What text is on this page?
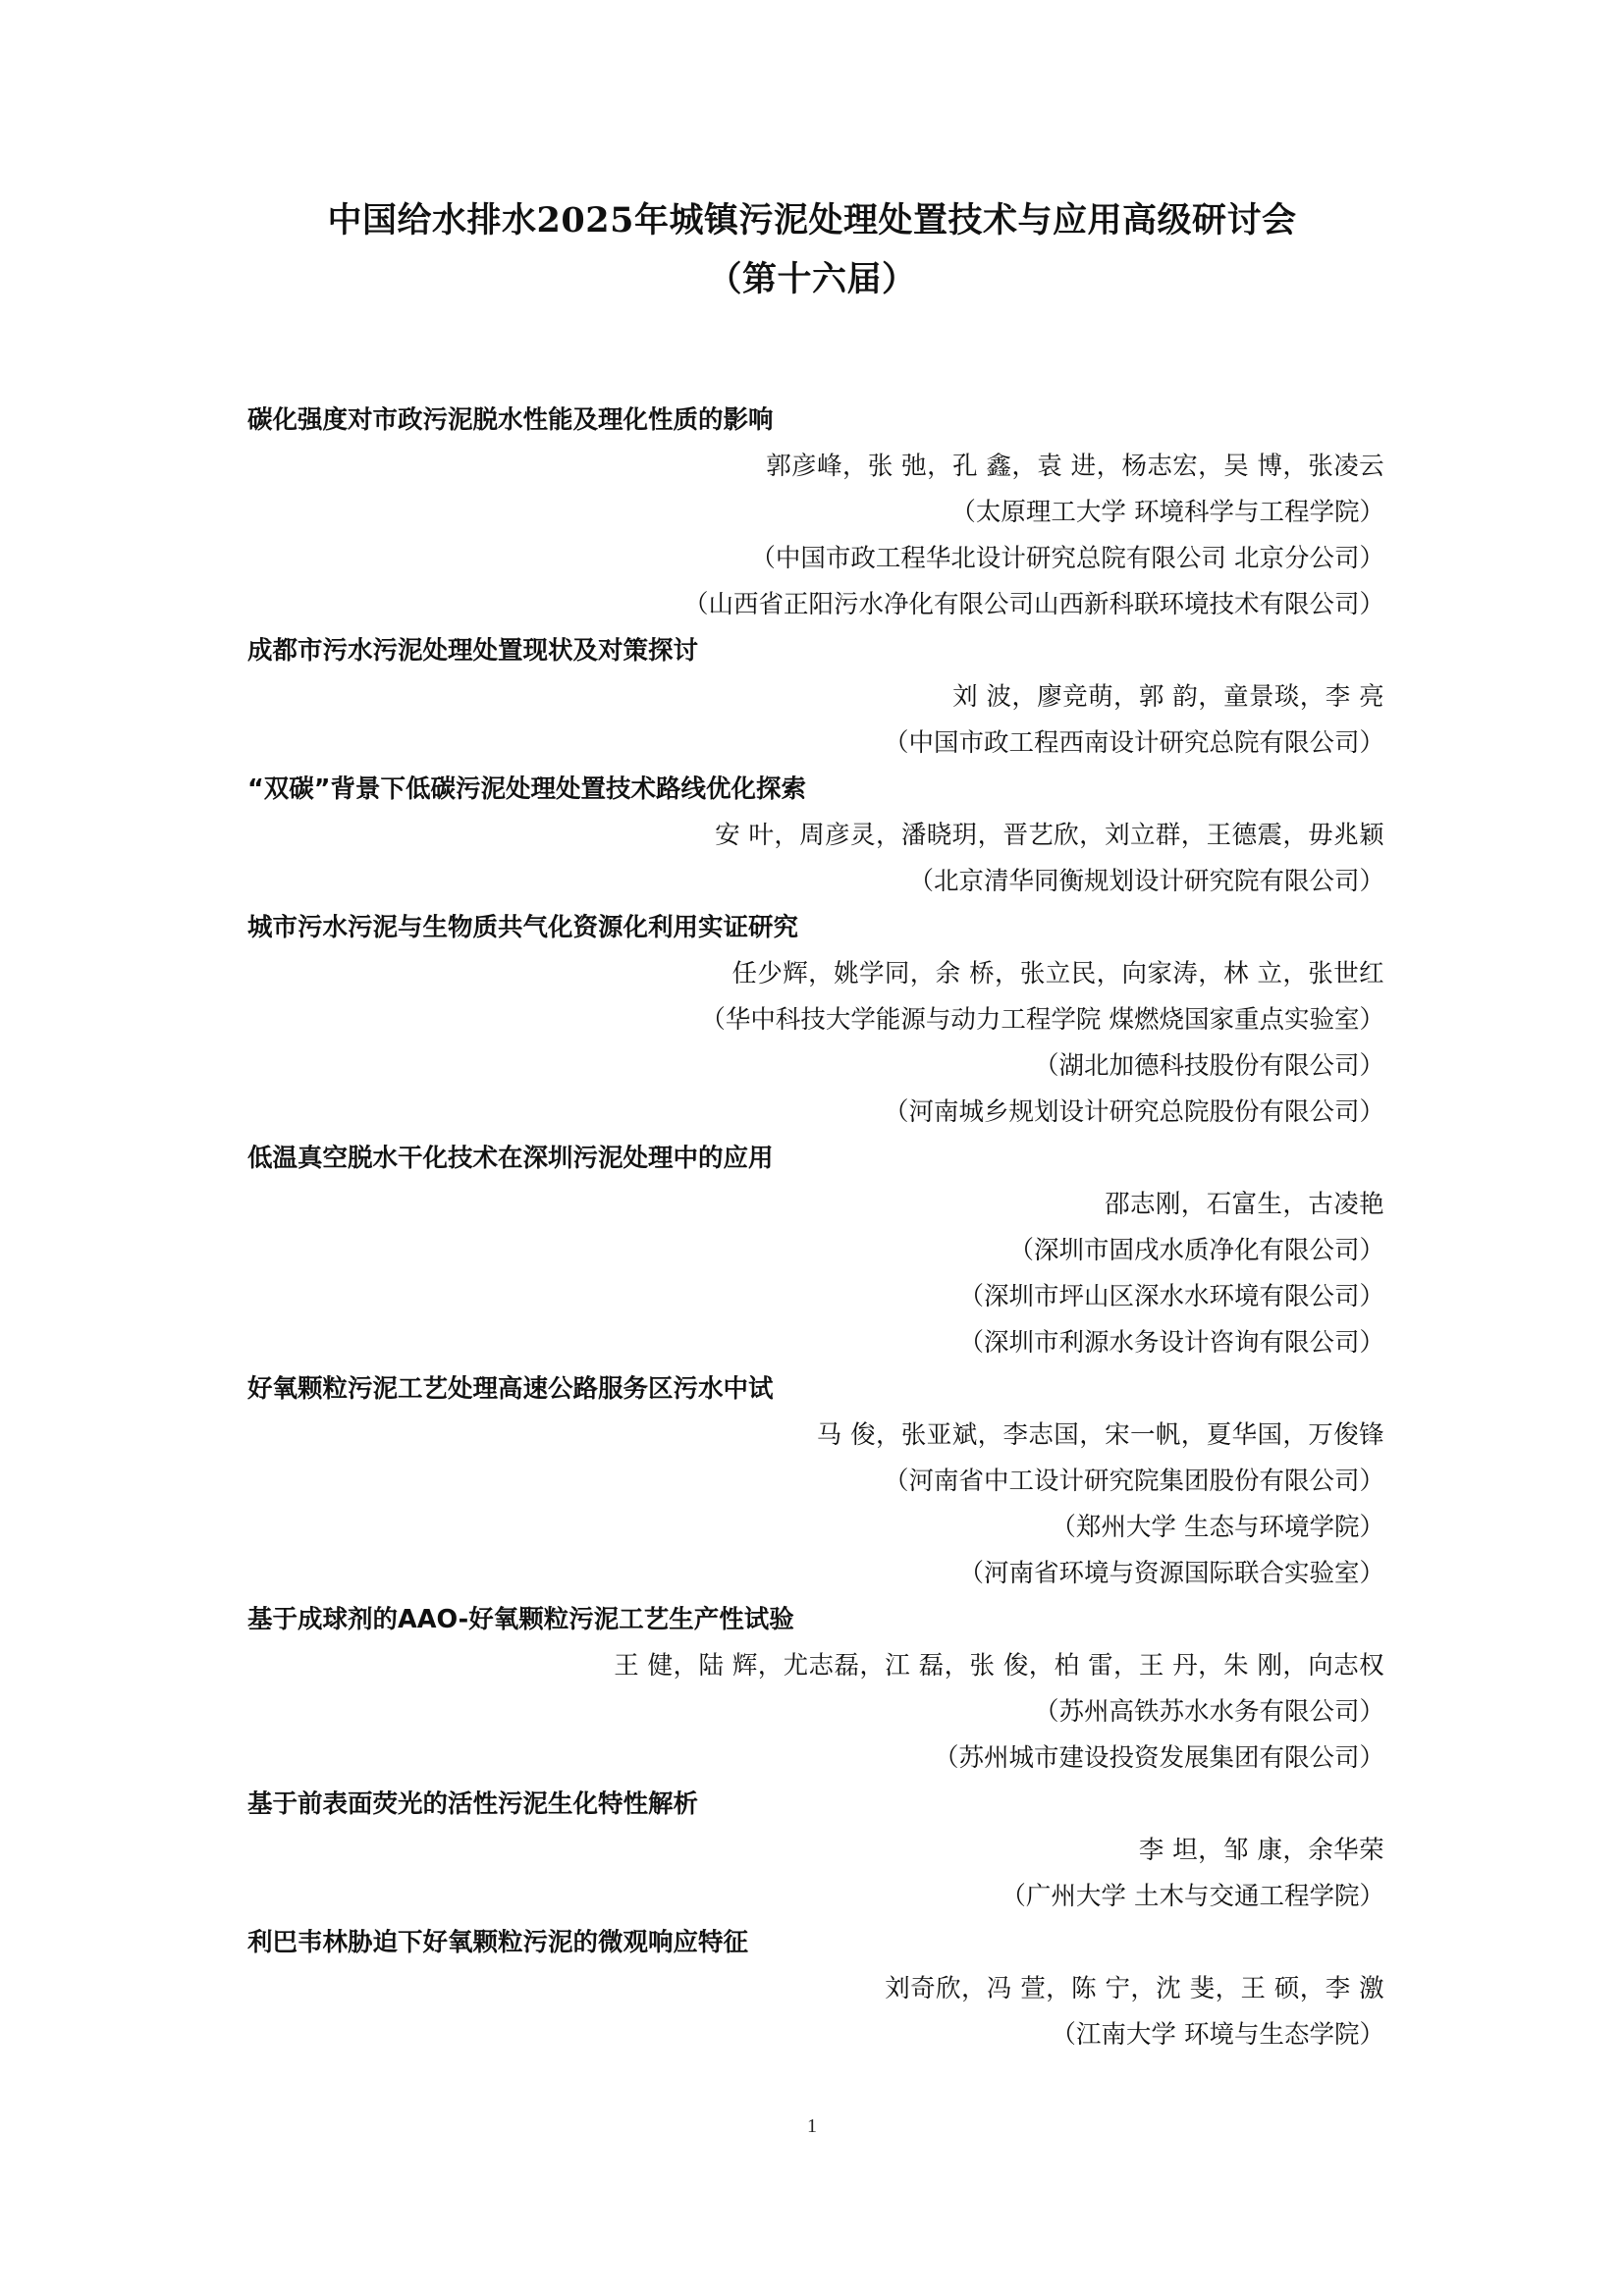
中国给水排水2025年城镇污泥处理处置技术与应用高级研讨会
（第十六届）
碳化强度对市政污泥脱水性能及理化性质的影响
郭彦峰，张 弛，孔 鑫，袁 进，杨志宏，吴 博，张凌云
（太原理工大学 环境科学与工程学院）
（中国市政工程华北设计研究总院有限公司 北京分公司）
（山西省正阳污水净化有限公司山西新科联环境技术有限公司）
成都市污水污泥处理处置现状及对策探讨
刘 波，廖竞萌，郭 韵，童景琰，李 亮
（中国市政工程西南设计研究总院有限公司）
“双碳”背景下低碳污泥处理处置技术路线优化探索
安 叶，周彦灵，潘晓玥，晋艺欣，刘立群，王德震，毋兆颖
（北京清华同衡规划设计研究院有限公司）
城市污水污泥与生物质共气化资源化利用实证研究
任少辉，姚学同，余 桥，张立民，向家涛，林 立，张世红
（华中科技大学能源与动力工程学院 煤燃烧国家重点实验室）
（湖北加德科技股份有限公司）
（河南城乡规划设计研究总院股份有限公司）
低温真空脱水干化技术在深圳污泥处理中的应用
邵志刚，石富生，古凌艳
（深圳市固戌水质净化有限公司）
（深圳市坪山区深水水环境有限公司）
（深圳市利源水务设计咨询有限公司）
好氧颗粒污泥工艺处理高速公路服务区污水中试
马 俊，张亚斌，李志国，宋一帆，夏华国，万俊锋
（河南省中工设计研究院集团股份有限公司）
（郑州大学 生态与环境学院）
（河南省环境与资源国际联合实验室）
基于成球剂的AAO-好氧颗粒污泥工艺生产性试验
王 健，陆 辉，尤志磊，江 磊，张 俊，柏 雷，王 丹，朱 刚，向志权
（苏州高铁苏水水务有限公司）
（苏州城市建设投资发展集团有限公司）
基于前表面荧光的活性污泥生化特性解析
李 坦，邹 康，余华荣
（广州大学 土木与交通工程学院）
利巴韦林胁迫下好氧颗粒污泥的微观响应特征
刘奇欣，冯 萱，陈 宁，沈 斐，王 硕，李 激
（江南大学 环境与生态学院）
1
